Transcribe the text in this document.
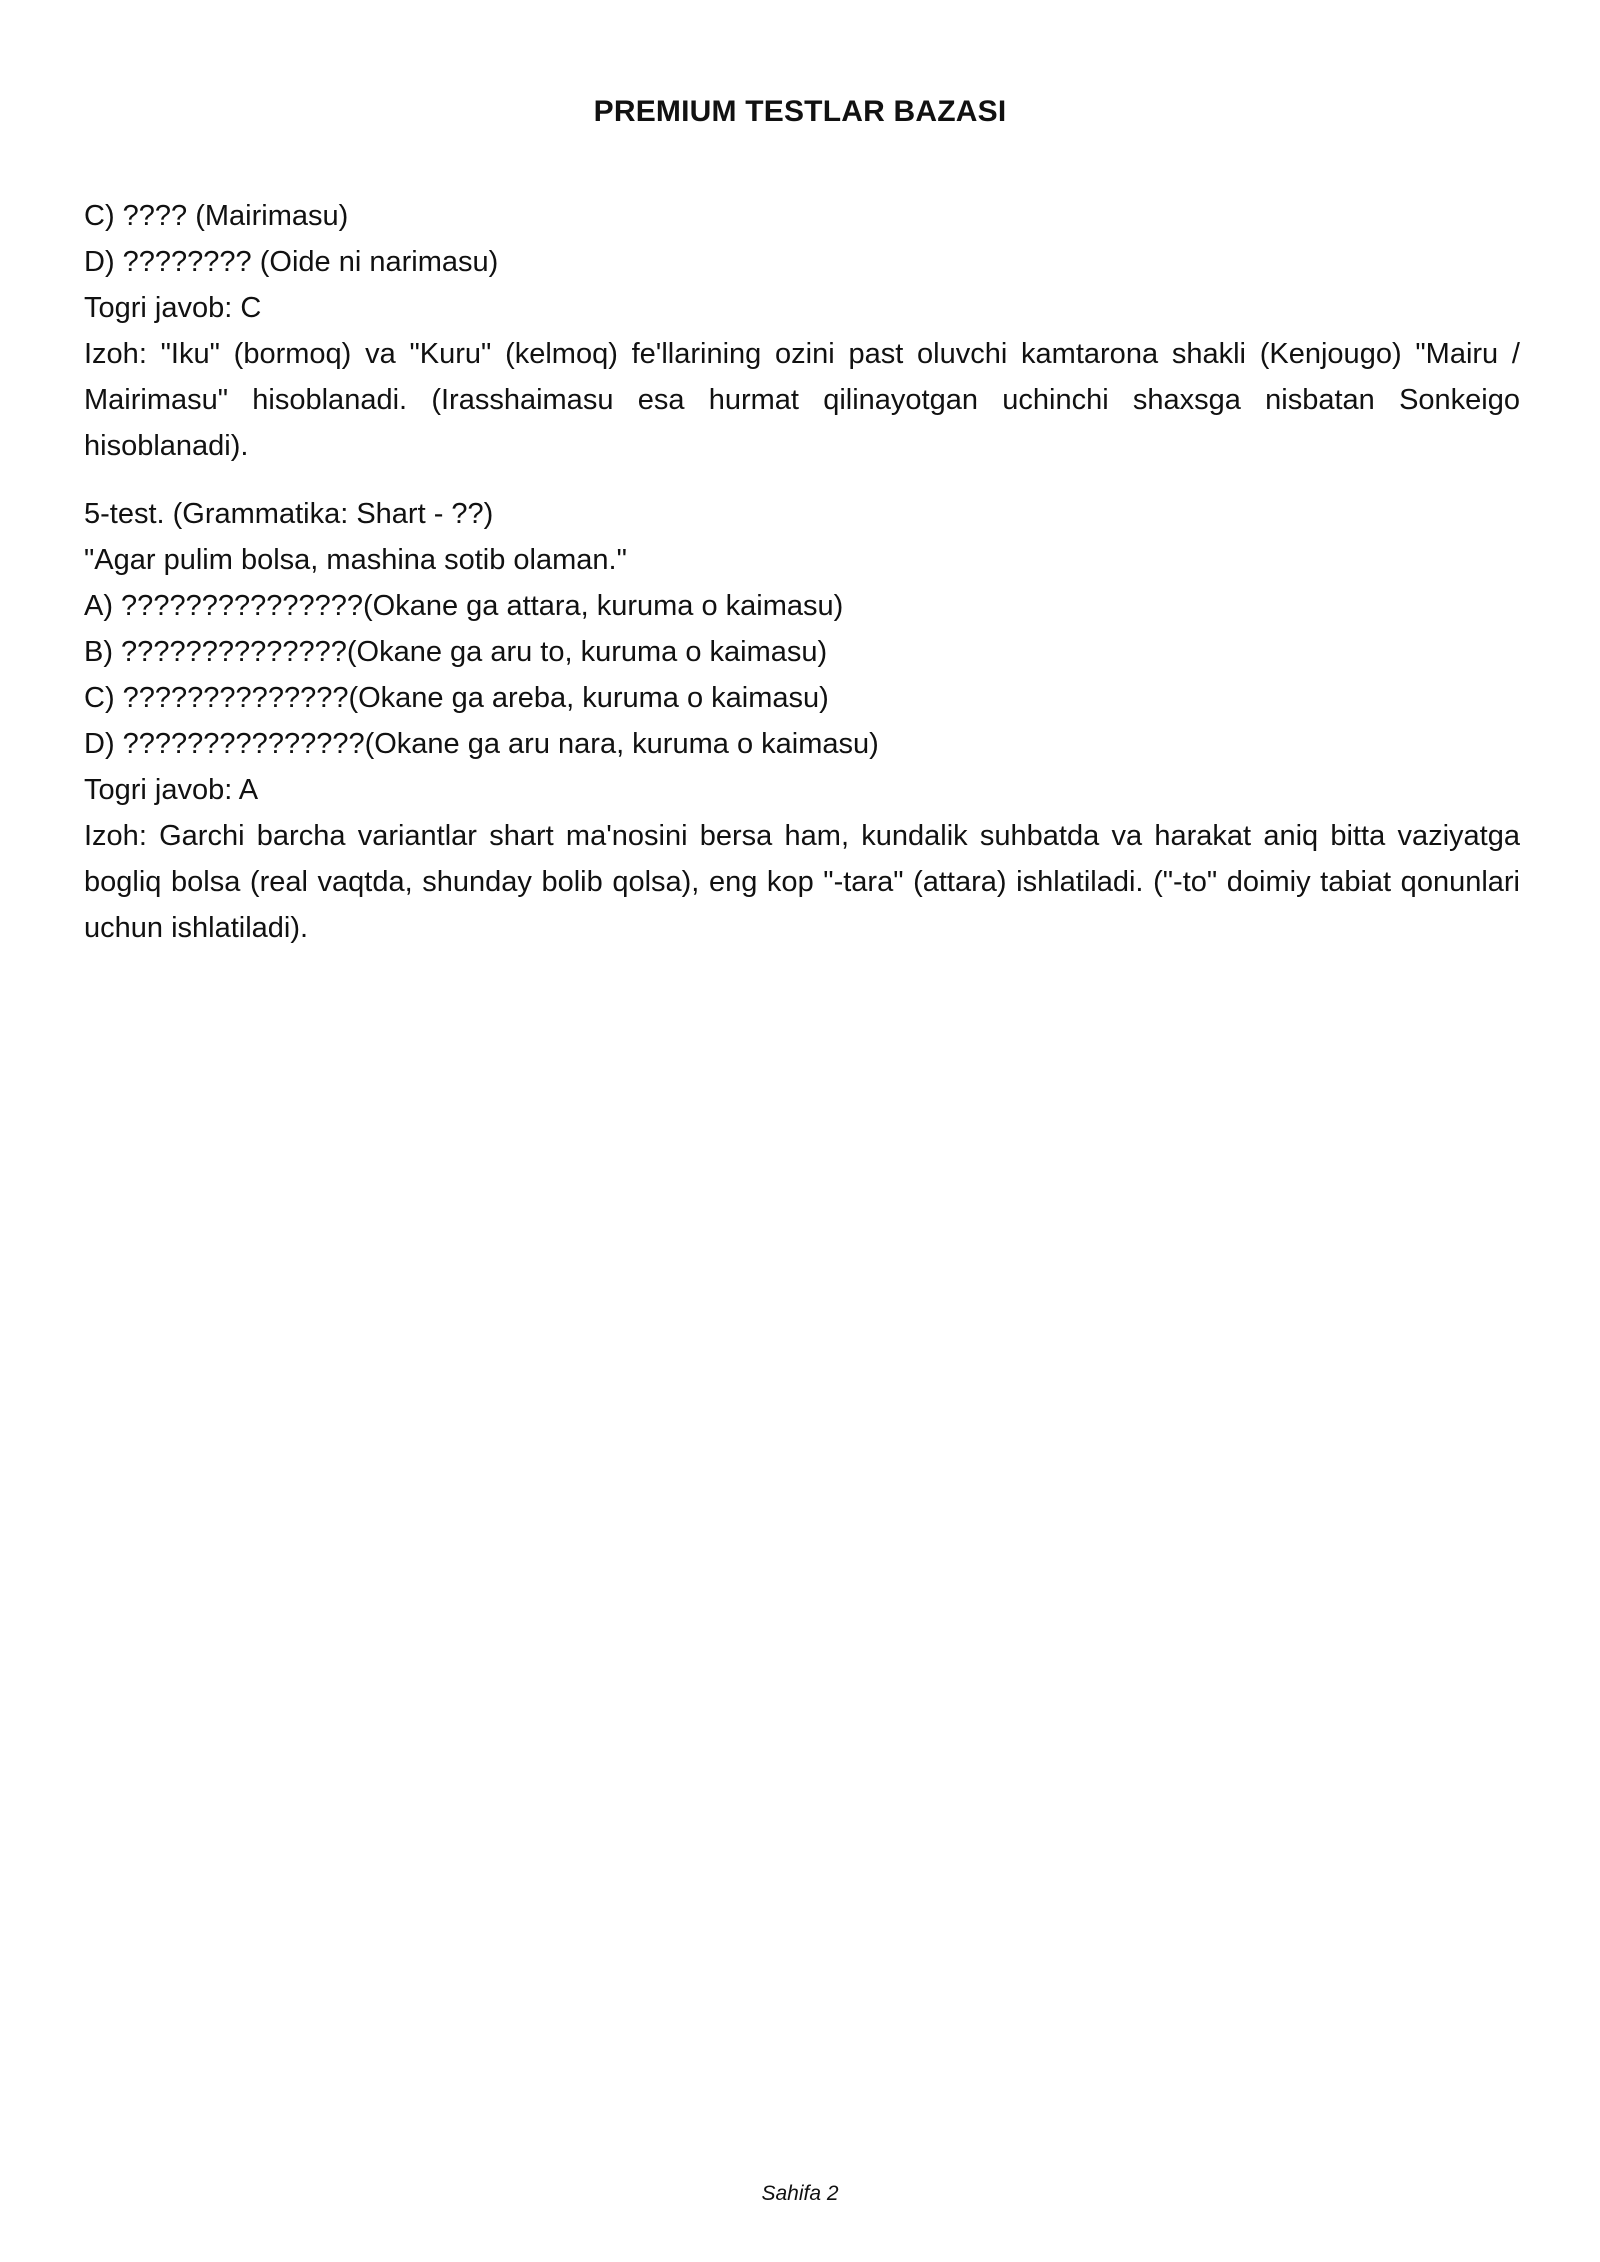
PREMIUM TESTLAR BAZASI
C) ???? (Mairimasu)
D) ???????? (Oide ni narimasu)
Togri javob: C
Izoh: "Iku" (bormoq) va "Kuru" (kelmoq) fe'llarining ozini past oluvchi kamtarona shakli (Kenjougo) "Mairu / Mairimasu" hisoblanadi. (Irasshaimasu esa hurmat qilinayotgan uchinchi shaxsga nisbatan Sonkeigo hisoblanadi).
5-test. (Grammatika: Shart - ??)
"Agar pulim bolsa, mashina sotib olaman."
A) ???????????????(Okane ga attara, kuruma o kaimasu)
B) ??????????????(Okane ga aru to, kuruma o kaimasu)
C) ??????????????(Okane ga areba, kuruma o kaimasu)
D) ???????????????(Okane ga aru nara, kuruma o kaimasu)
Togri javob: A
Izoh: Garchi barcha variantlar shart ma'nosini bersa ham, kundalik suhbatda va harakat aniq bitta vaziyatga bogliq bolsa (real vaqtda, shunday bolib qolsa), eng kop "-tara" (attara) ishlatiladi. ("-to" doimiy tabiat qonunlari uchun ishlatiladi).
Sahifa 2
